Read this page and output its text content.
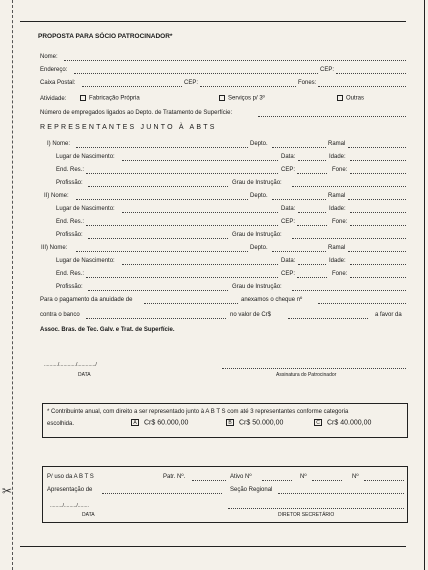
PROPOSTA PARA SÓCIO PATROCINADOR*
Nome:
Endereço:	CEP:
Caixa Postal:	CEP:	Fones:
Atividade:	Fabricação Própria	Serviços p/ 3º	Outras
Número de empregados ligados ao Depto. de Tratamento de Superfície:
REPRESENTANTES JUNTO À ABTS
I) Nome:	Depto.	Ramal
Lugar de Nascimento:	Data:	Idade:
End. Res.:	CEP:	Fone:
Profissão:	Grau de Instrução:
II) Nome:	Depto.	Ramal
Lugar de Nascimento:	Data:	Idade:
End. Res.:	CEP:	Fone:
Profissão:	Grau de Instrução:
III) Nome:	Depto.	Ramal
Lugar de Nascimento:	Data:	Idade:
End. Res.:	CEP:	Fone:
Profissão:	Grau de Instrução:
Para o pagamento da anuidade de	anexamos o cheque nº
contra o banco	no valor de Cr$	a favor da
Assoc. Bras. de Tec. Galv. e Trat. de Superfície.
........../............/............./
DATA	Assinatura do Patrocinador
* Contribuinte anual, com direito a ser representado junto à A B T S com até 3 representantes conforme categoria
escolhida.	A Cr$ 60.000,00	B Cr$ 50.000,00	C Cr$ 40.000,00
P/ uso da A B T S	Patr. Nº.	Ativo Nº	Nº	Nº
Apresentação de	Seção Regional
........./........./........
DATA	DIRETOR SECRETÁRIO
✂
